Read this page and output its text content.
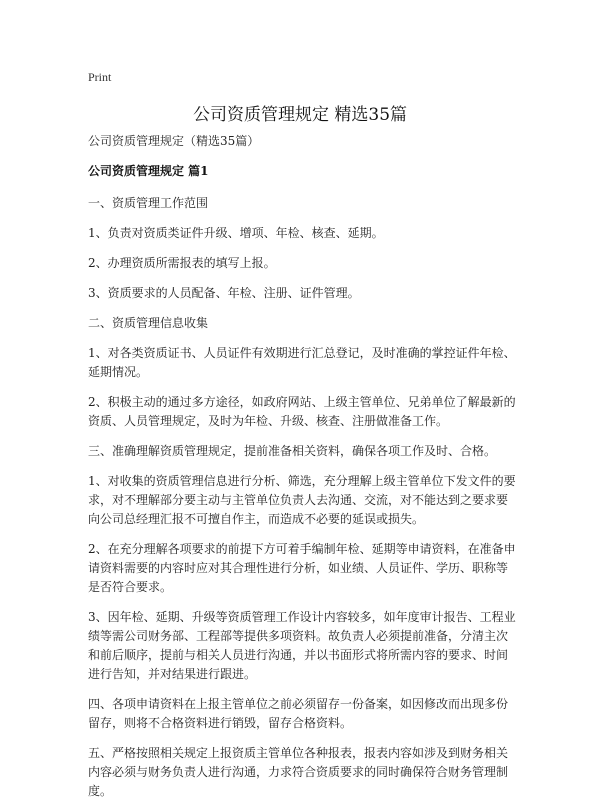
Print
公司资质管理规定 精选35篇

公司资质管理规定（精选35篇）

公司资质管理规定 篇1

一、资质管理工作范围

1、负责对资质类证件升级、增项、年检、核查、延期。

2、办理资质所需报表的填写上报。

3、资质要求的人员配备、年检、注册、证件管理。

二、资质管理信息收集

1、对各类资质证书、人员证件有效期进行汇总登记，及时准确的掌控证件年检、延期情况。

2、积极主动的通过多方途径，如政府网站、上级主管单位、兄弟单位了解最新的资质、人员管理规定，及时为年检、升级、核查、注册做准备工作。

三、准确理解资质管理规定，提前准备相关资料，确保各项工作及时、合格。

1、对收集的资质管理信息进行分析、筛选，充分理解上级主管单位下发文件的要求，对不理解部分要主动与主管单位负责人去沟通、交流，对不能达到之要求要向公司总经理汇报不可擅自作主，而造成不必要的延误或损失。

2、在充分理解各项要求的前提下方可着手编制年检、延期等申请资料，在准备申请资料需要的内容时应对其合理性进行分析，如业绩、人员证件、学历、职称等是否符合要求。

3、因年检、延期、升级等资质管理工作设计内容较多，如年度审计报告、工程业绩等需公司财务部、工程部等提供多项资料。故负责人必须提前准备，分清主次和前后顺序，提前与相关人员进行沟通，并以书面形式将所需内容的要求、时间进行告知，并对结果进行跟进。

四、各项申请资料在上报主管单位之前必须留存一份备案，如因修改而出现多份留存，则将不合格资料进行销毁，留存合格资料。

五、严格按照相关规定上报资质主管单位各种报表，报表内容如涉及到财务相关内容必须与财务负责人进行沟通，力求符合资质要求的同时确保符合财务管理制度。
